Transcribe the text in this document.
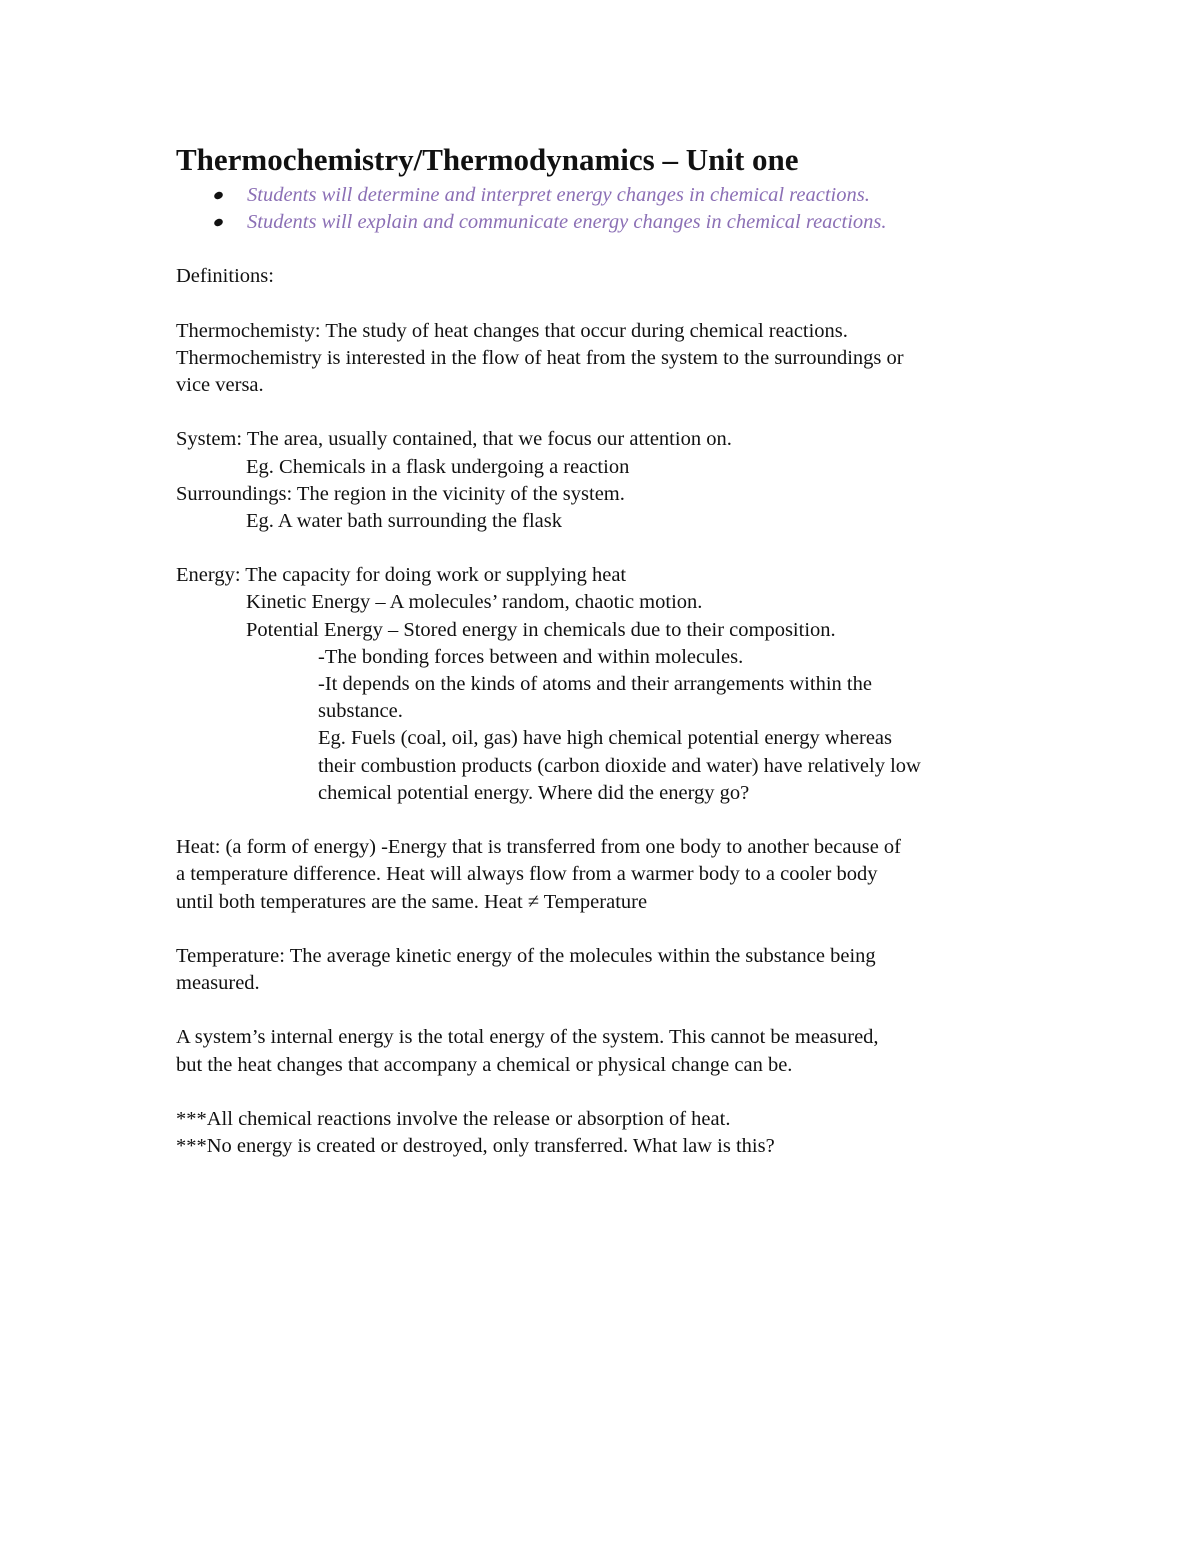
Thermochemistry/Thermodynamics – Unit one
Students will determine and interpret energy changes in chemical reactions.
Students will explain and communicate energy changes in chemical reactions.
Definitions:
Thermochemisty: The study of heat changes that occur during chemical reactions.
Thermochemistry is interested in the flow of heat from the system to the surroundings or
vice versa.
System: The area, usually contained, that we focus our attention on.
Eg. Chemicals in a flask undergoing a reaction
Surroundings: The region in the vicinity of the system.
Eg. A water bath surrounding the flask
Energy: The capacity for doing work or supplying heat
Kinetic Energy – A molecules’ random, chaotic motion.
Potential Energy – Stored energy in chemicals due to their composition.
-The bonding forces between and within molecules.
-It depends on the kinds of atoms and their arrangements within the
substance.
Eg. Fuels (coal, oil, gas) have high chemical potential energy whereas
their combustion products (carbon dioxide and water) have relatively low
chemical potential energy. Where did the energy go?
Heat: (a form of energy) -Energy that is transferred from one body to another because of
a temperature difference. Heat will always flow from a warmer body to a cooler body
until both temperatures are the same. Heat ≠ Temperature
Temperature: The average kinetic energy of the molecules within the substance being
measured.
A system’s internal energy is the total energy of the system. This cannot be measured,
but the heat changes that accompany a chemical or physical change can be.
***All chemical reactions involve the release or absorption of heat.
***No energy is created or destroyed, only transferred. What law is this?
